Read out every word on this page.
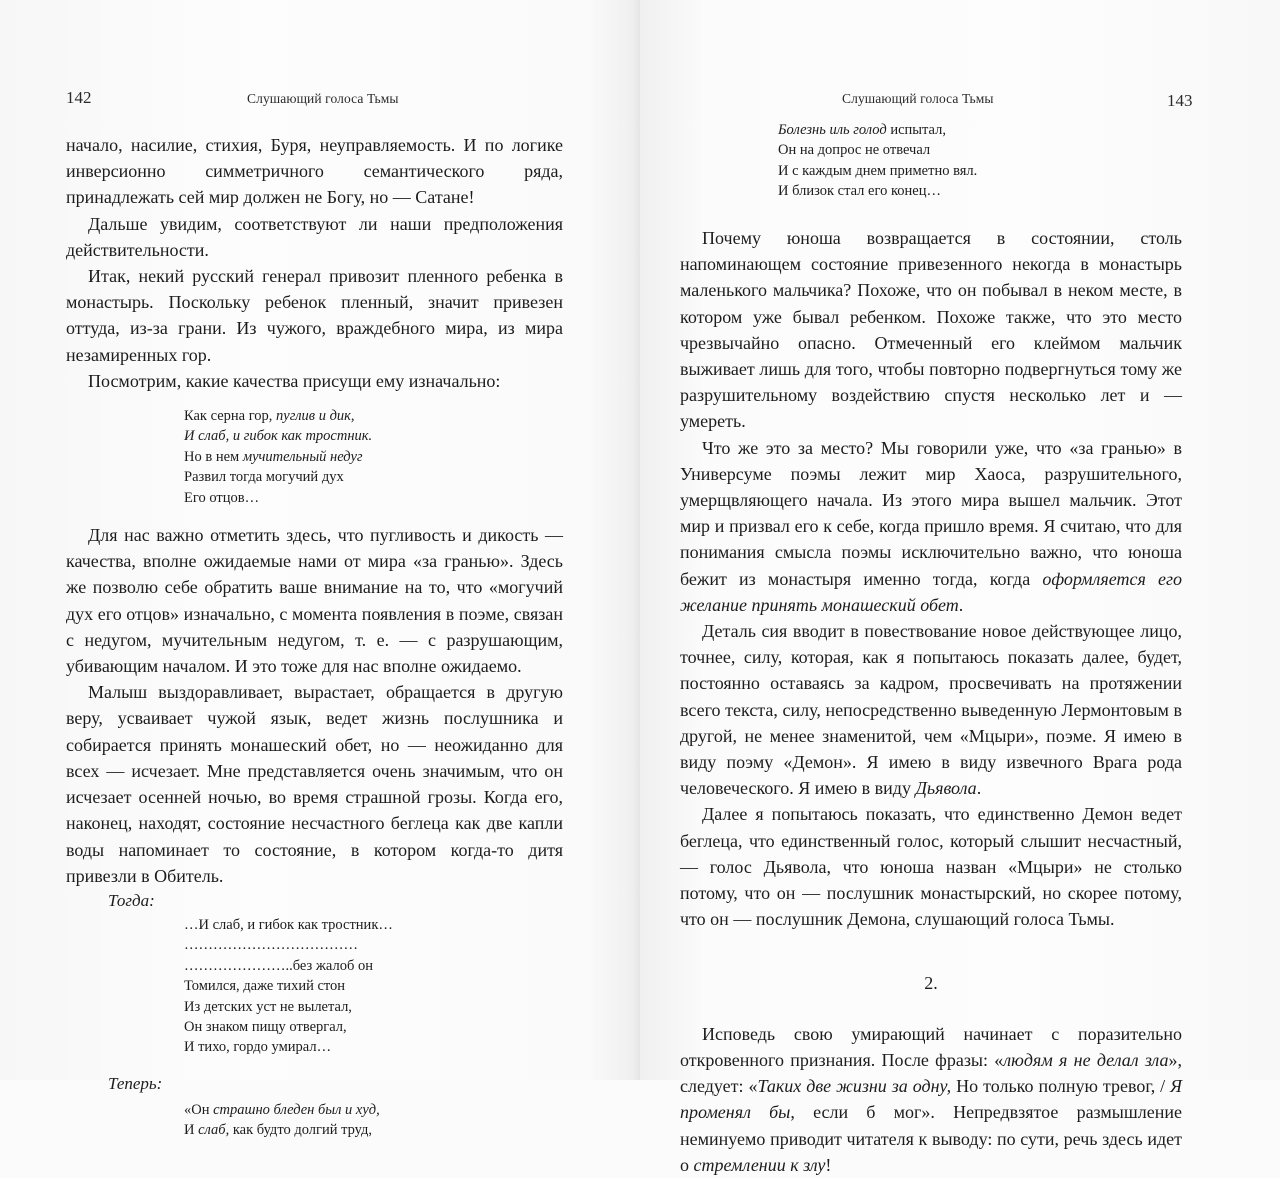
142	Слушающий голоса Тьмы

начало, насилие, стихия, Буря, неуправляемость. И по логике инверсионно симметричного семантического ряда, принадлежать сей мир должен не Богу, но — Сатане!

Дальше увидим, соответствуют ли наши предположения действительности.

Итак, некий русский генерал привозит пленного ребенка в монастырь. Поскольку ребенок пленный, значит привезен оттуда, из-за грани. Из чужого, враждебного мира, из мира незамиренных гор.

Посмотрим, какие качества присущи ему изначально:

Как серна гор, пуглив и дик,
И слаб, и гибок как тростник.
Но в нем мучительный недуг
Развил тогда могучий дух
Его отцов…

Для нас важно отметить здесь, что пугливость и дикость — качества, вполне ожидаемые нами от мира «за гранью». Здесь же позволю себе обратить ваше внимание на то, что «могучий дух его отцов» изначально, с момента появления в поэме, связан с недугом, мучительным недугом, т. е. — с разрушающим, убивающим началом. И это тоже для нас вполне ожидаемо.

Малыш выздоравливает, вырастает, обращается в другую веру, усваивает чужой язык, ведет жизнь послушника и собирается принять монашеский обет, но — неожиданно для всех — исчезает. Мне представляется очень значимым, что он исчезает осенней ночью, во время страшной грозы. Когда его, наконец, находят, состояние несчастного беглеца как две капли воды напоминает то состояние, в котором когда-то дитя привезли в Обитель.

Тогда:
…И слаб, и гибок как тростник…
………………………………
…………………..без жалоб он
Томился, даже тихий стон
Из детских уст не вылетал,
Он знаком пищу отвергал,
И тихо, гордо умирал…
Теперь:
«Он страшно бледен был и худ,
И слаб, как будто долгий труд,
Слушающий голоса Тьмы	143
Болезнь иль голод испытал,
Он на допрос не отвечал
И с каждым днем приметно вял.
И близок стал его конец…

Почему юноша возвращается в состоянии, столь напоминающем состояние привезенного некогда в монастырь маленького мальчика? Похоже, что он побывал в неком месте, в котором уже бывал ребенком. Похоже также, что это место чрезвычайно опасно. Отмеченный его клеймом мальчик выживает лишь для того, чтобы повторно подвергнуться тому же разрушительному воздействию спустя несколько лет и — умереть.

Что же это за место? Мы говорили уже, что «за гранью» в Универсуме поэмы лежит мир Хаоса, разрушительного, умерщвляющего начала. Из этого мира вышел мальчик. Этот мир и призвал его к себе, когда пришло время. Я считаю, что для понимания смысла поэмы исключительно важно, что юноша бежит из монастыря именно тогда, когда оформляется его желание принять монашеский обет.

Деталь сия вводит в повествование новое действующее лицо, точнее, силу, которая, как я попытаюсь показать далее, будет, постоянно оставаясь за кадром, просвечивать на протяжении всего текста, силу, непосредственно выведенную Лермонтовым в другой, не менее знаменитой, чем «Мцыри», поэме. Я имею в виду поэму «Демон». Я имею в виду извечного Врага рода человеческого. Я имею в виду Дьявола.

Далее я попытаюсь показать, что единственно Демон ведет беглеца, что единственный голос, который слышит несчастный, — голос Дьявола, что юноша назван «Мцыри» не столько потому, что он — послушник монастырский, но скорее потому, что он — послушник Демона, слушающий голоса Тьмы.

2.

Исповедь свою умирающий начинает с поразительно откровенного признания. После фразы: «людям я не делал зла», следует: «Таких две жизни за одну, Но только полную тревог, / Я променял бы, если б мог». Непредвзятое размышление неминуемо приводит читателя к выводу: по сути, речь здесь идет о стремлении к злу!
